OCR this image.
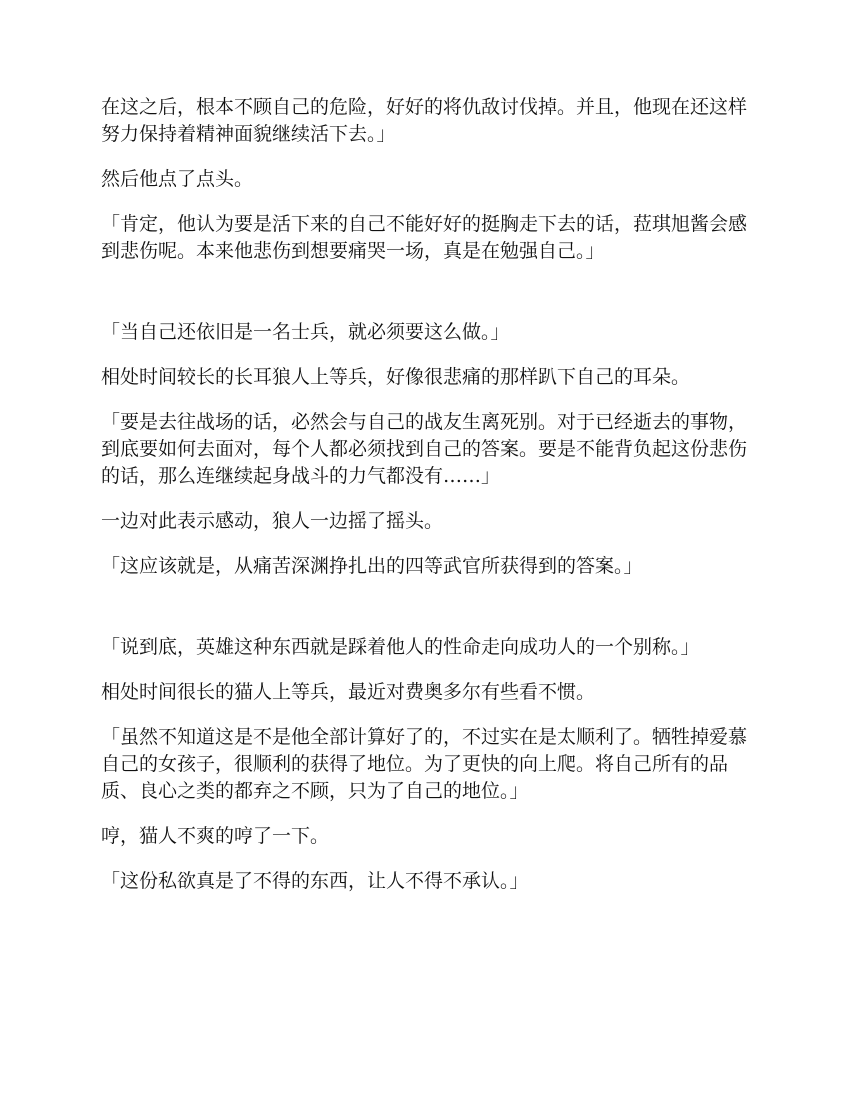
在这之后，根本不顾自己的危险，好好的将仇敌讨伐掉。并且，他现在还这样努力保持着精神面貌继续活下去。」

然后他点了点头。

「肯定，他认为要是活下来的自己不能好好的挺胸走下去的话，菈琪旭酱会感到悲伤呢。本来他悲伤到想要痛哭一场，真是在勉强自己。」

「当自己还依旧是一名士兵，就必须要这么做。」

相处时间较长的长耳狼人上等兵，好像很悲痛的那样趴下自己的耳朵。

「要是去往战场的话，必然会与自己的战友生离死别。对于已经逝去的事物，到底要如何去面对，每个人都必须找到自己的答案。要是不能背负起这份悲伤的话，那么连继续起身战斗的力气都没有……」

一边对此表示感动，狼人一边摇了摇头。

「这应该就是，从痛苦深渊挣扎出的四等武官所获得到的答案。」

「说到底，英雄这种东西就是踩着他人的性命走向成功人的一个别称。」

相处时间很长的猫人上等兵，最近对费奥多尔有些看不惯。

「虽然不知道这是不是他全部计算好了的，不过实在是太顺利了。牺牲掉爱慕自己的女孩子，很顺利的获得了地位。为了更快的向上爬。将自己所有的品质、良心之类的都弃之不顾，只为了自己的地位。」

哼，猫人不爽的哼了一下。

「这份私欲真是了不得的东西，让人不得不承认。」
